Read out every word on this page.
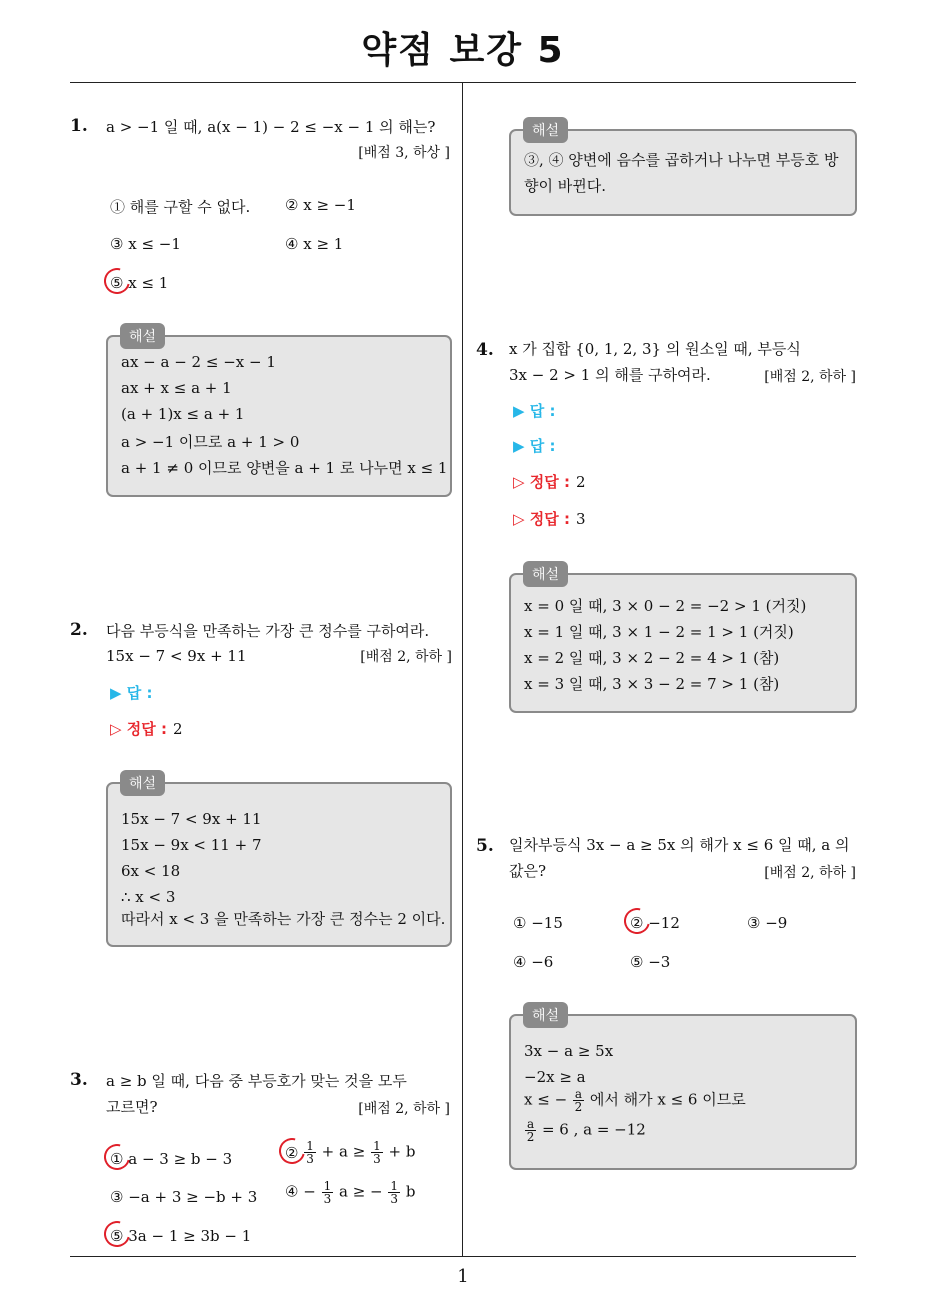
약점 보강 5
1
1. a > −1 일 때, a(x − 1) − 2 ≤ −x − 1 의 해는?
[배점 3, 하상 ]
① 해를 구할 수 없다. ② x ≥ −1
③ x ≤ −1	④ x ≥ 1
⑤ x ≤ 1
해설
ax − a − 2 ≤ −x − 1
ax + x ≤ a + 1
(a + 1)x ≤ a + 1
a > −1 이므로 a + 1 > 0
a + 1 ≠ 0 이므로 양변을 a + 1 로 나누면 x ≤ 1
2. 다음 부등식을 만족하는 가장 큰 정수를 구하여라.
15x − 7 < 9x + 11	[배점 2, 하하 ]
▶ 답 :
▷ 정답 : 2
해설
15x − 7 < 9x + 11
15x − 9x < 11 + 7
6x < 18
∴ x < 3
따라서 x < 3 을 만족하는 가장 큰 정수는 2 이다.
3. a ≥ b 일 때, 다음 중 부등호가 맞는 것을 모두
고르면?	[배점 2, 하하 ]
① a − 3 ≥ b − 3	② $\frac{1}{3} + a \ge \frac{1}{3} + b$
③ −a + 3 ≥ −b + 3 ④ − $\frac{1}{3}$ a ≥ − $\frac{1}{3}$ b
⑤ 3a − 1 ≥ 3b − 1
해설
③, ④ 양변에 음수를 곱하거나 나누면 부등호 방
향이 바뀐다.
4. x 가 집합 {0, 1, 2, 3} 의 원소일 때, 부등식
3x − 2 > 1 의 해를 구하여라.	[배점 2, 하하 ]
▶ 답 :
▶ 답 :
▷ 정답 : 2
▷ 정답 : 3
해설
x = 0 일 때, 3 × 0 − 2 = −2 > 1 (거짓)
x = 1 일 때, 3 × 1 − 2 = 1 > 1 (거짓)
x = 2 일 때, 3 × 2 − 2 = 4 > 1 (참)
x = 3 일 때, 3 × 3 − 2 = 7 > 1 (참)
5. 일차부등식 3x − a ≥ 5x 의 해가 x ≤ 6 일 때, a 의
값은?	[배점 2, 하하 ]
① −15	② −12	③ −9
④ −6	⑤ −3
해설
3x − a ≥ 5x
−2x ≥ a
x ≤ − $\frac{a}{2}$ 에서 해가 x ≤ 6 이므로
$\frac{a}{2} = 6$ , a = −12
